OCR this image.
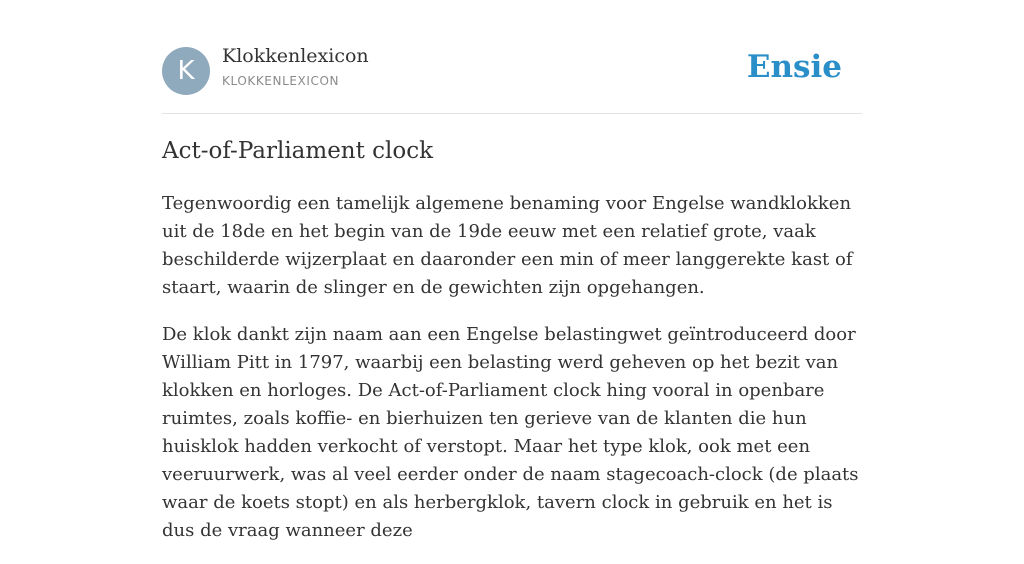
K	Klokkenlexicon
KLOKKENLEXICON	Ensie
Act-of-Parliament clock

Tegenwoordig een tamelijk algemene benaming voor Engelse wandklokken uit de 18de en het begin van de 19de eeuw met een relatief grote, vaak beschilderde wijzerplaat en daaronder een min of meer langgerekte kast of staart, waarin de slinger en de gewichten zijn opgehangen.

De klok dankt zijn naam aan een Engelse belastingwet geïntroduceerd door William Pitt in 1797, waarbij een belasting werd geheven op het bezit van klokken en horloges. De Act-of-Parliament clock hing vooral in openbare ruimtes, zoals koffie- en bierhuizen ten gerieve van de klanten die hun huisklok hadden verkocht of verstopt. Maar het type klok, ook met een veeruurwerk, was al veel eerder onder de naam stagecoach-clock (de plaats waar de koets stopt) en als herbergklok, tavern clock in gebruik en het is dus de vraag wanneer deze
